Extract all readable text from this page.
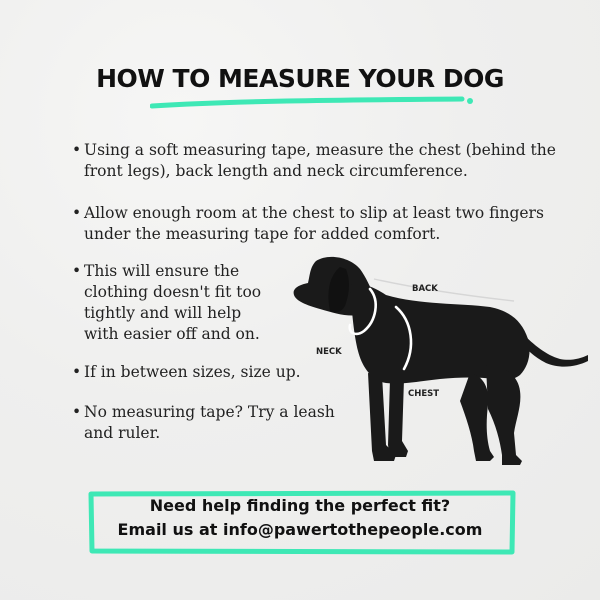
HOW TO MEASURE YOUR DOG
• Using a soft measuring tape, measure the chest (behind the
front legs), back length and neck circumference.
• Allow enough room at the chest to slip at least two fingers
under the measuring tape for added comfort.
• This will ensure the
clothing doesn't fit too
tightly and will help
with easier off and on.
• If in between sizes, size up.
• No measuring tape? Try a leash
and ruler.
BACK
NECK
CHEST
Need help finding the perfect fit?
Email us at info@pawertothepeople.com
